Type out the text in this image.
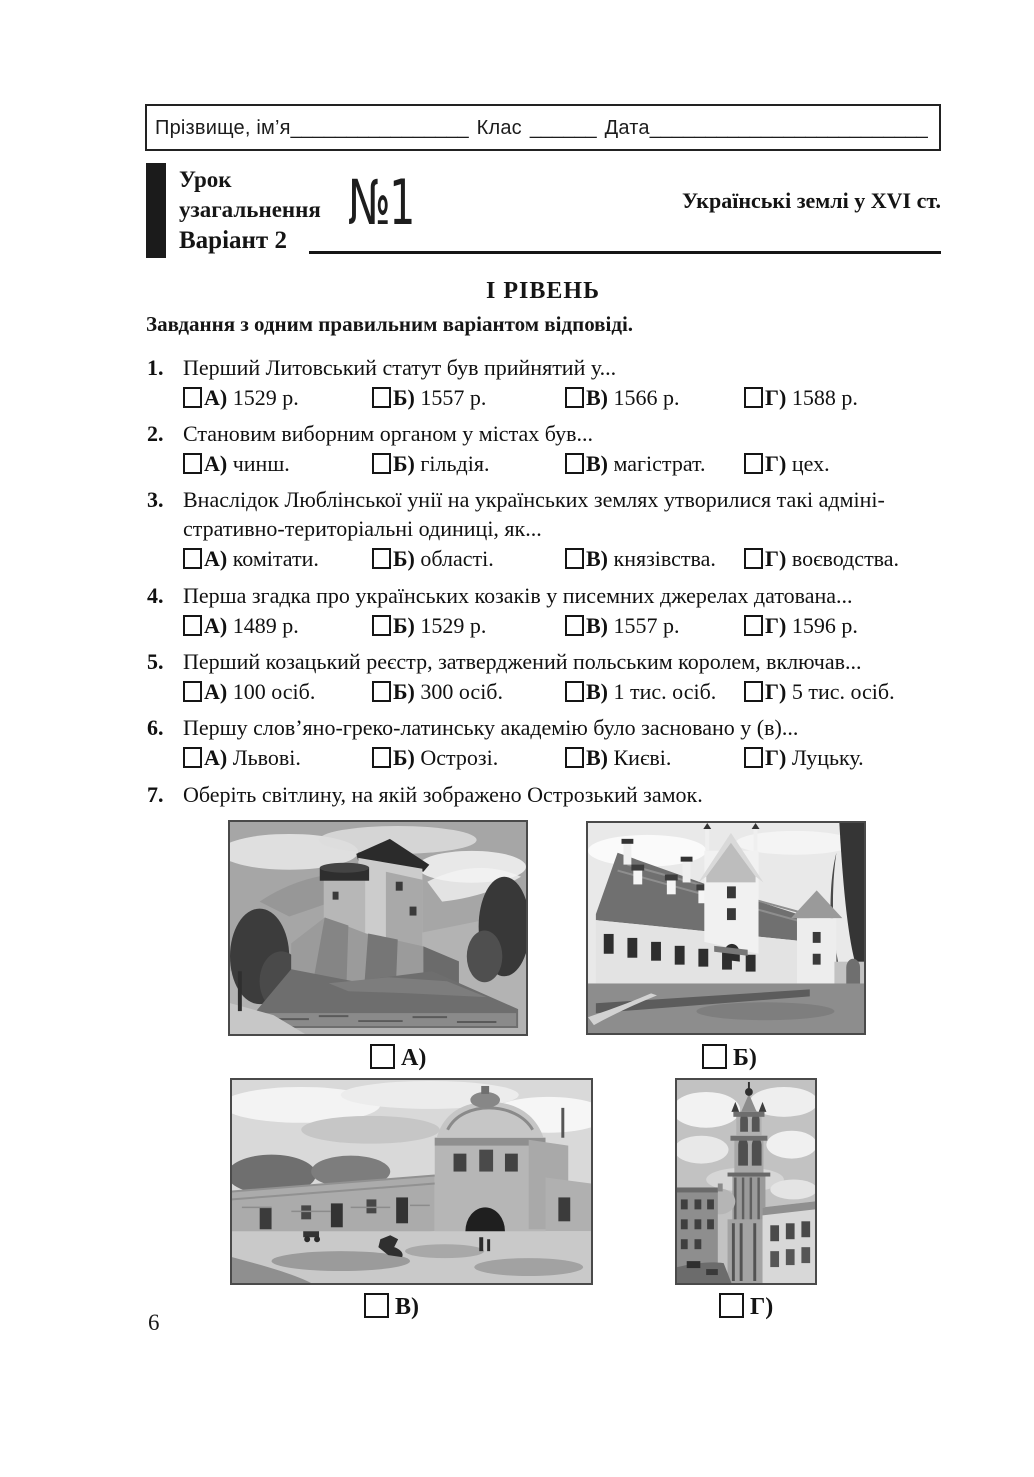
Прізвище, ім’я________________ Клас ______ Дата_________________________
Урок
узагальнення №1
Варіант 2
Українські землі у XVI ст.
І РІВЕНЬ
Завдання з одним правильним варіантом відповіді.
1. Перший Литовський статут був прийнятий у...
А) 1529 р.	Б) 1557 р.	В) 1566 р.	Г) 1588 р.
2. Становим виборним органом у містах був...
А) чинш.	Б) гільдія.	В) магістрат.	Г) цех.
3. Внаслідок Люблінської унії на українських землях утворилися такі адміні-
стративно-територіальні одиниці, як...
А) комітати.	Б) області.	В) князівства.	Г) воєводства.
4. Перша згадка про українських козаків у писемних джерелах датована...
А) 1489 р.	Б) 1529 р.	В) 1557 р.	Г) 1596 р.
5. Перший козацький реєстр, затверджений польським королем, включав...
А) 100 осіб.	Б) 300 осіб.	В) 1 тис. осіб.	Г) 5 тис. осіб.
6. Першу слов’яно-греко-латинську академію було засновано у (в)...
А) Львові.	Б) Острозі.	В) Києві.	Г) Луцьку.
7. Оберіть світлину, на якій зображено Острозький замок.
А)	Б)
В)	Г)
6
